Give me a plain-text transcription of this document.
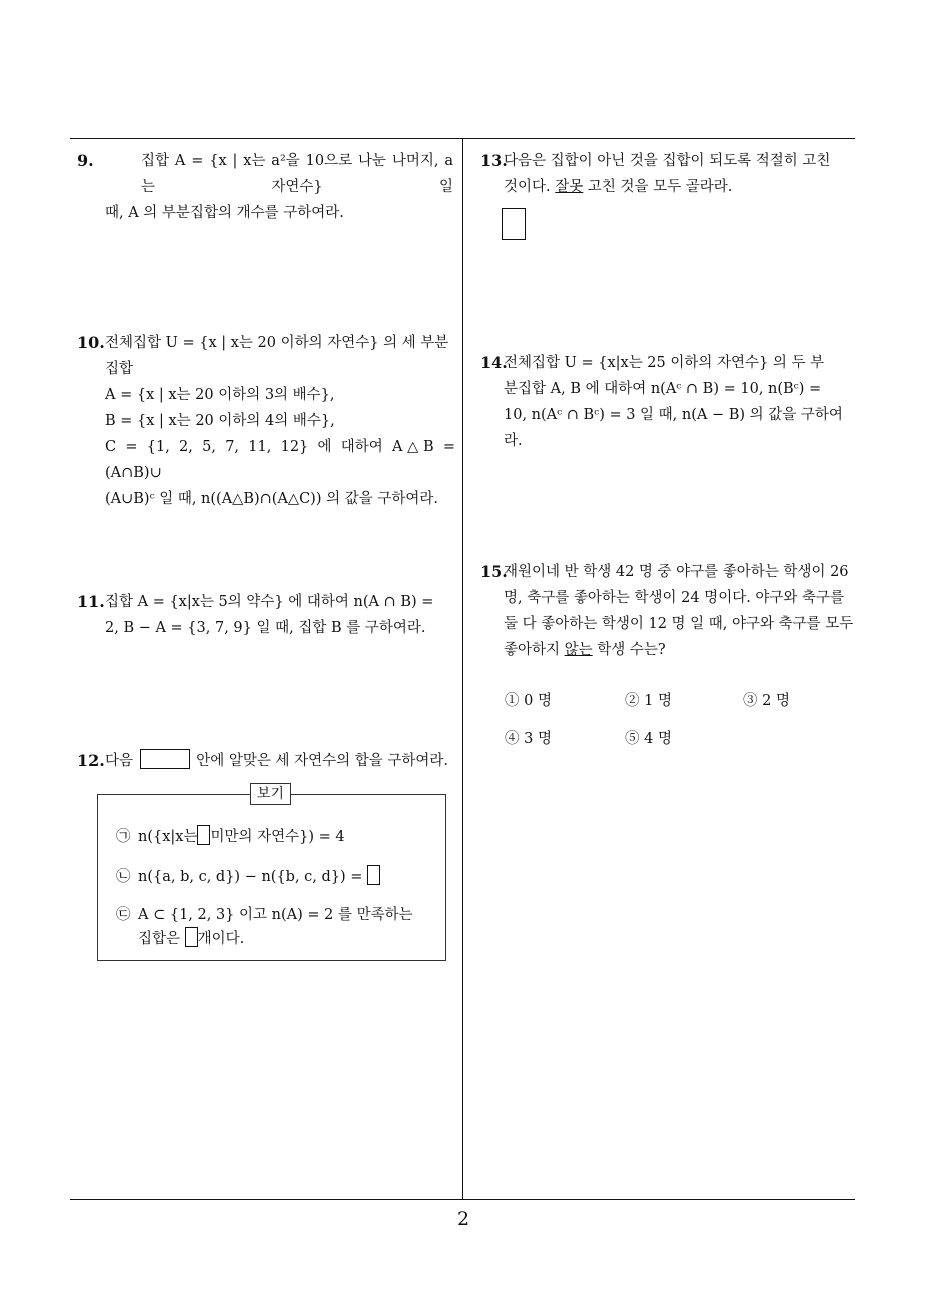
9.	집합 A = {x | x는 a²을 10으로 나눈 나머지, a는 자연수} 일
때, A 의 부분집합의 개수를 구하여라.
10. 전체집합 U = {x | x는 20 이하의 자연수} 의 세 부분
집합
A = {x | x는 20 이하의 3의 배수},
B = {x | x는 20 이하의 4의 배수},
C = {1, 2, 5, 7, 11, 12} 에 대하여 A△B = (A∩B)∪
(A∪B)ᶜ 일 때, n((A△B)∩(A△C)) 의 값을 구하여라.
11. 집합 A = {x|x는 5의 약수} 에 대하여 n(A ∩ B) =
2, B − A = {3, 7, 9} 일 때, 집합 B 를 구하여라.
12. 다음	안에 알맞은 세 자연수의 합을 구하여라.
보기
㉠ n({x|x는 미만의 자연수}) = 4
㉡ n({a, b, c, d}) − n({b, c, d}) =
㉢ A ⊂ {1, 2, 3} 이고 n(A) = 2 를 만족하는
집합은 개이다.
13.
다음은 집합이 아닌 것을 집합이 되도록 적절히 고친
것이다. 잘못 고친 것을 모두 골라라.
14.
전체집합 U = {x|x는 25 이하의 자연수} 의 두 부
분집합 A, B 에 대하여 n(Aᶜ ∩ B) = 10, n(Bᶜ) =
10, n(Aᶜ ∩ Bᶜ) = 3 일 때, n(A − B) 의 값을 구하여
라.
15.
재원이네 반 학생 42 명 중 야구를 좋아하는 학생이 26
명, 축구를 좋아하는 학생이 24 명이다. 야구와 축구를
둘 다 좋아하는 학생이 12 명 일 때, 야구와 축구를 모두
좋아하지 않는 학생 수는?
① 0 명	② 1 명	③ 2 명
④ 3 명	⑤ 4 명
2
